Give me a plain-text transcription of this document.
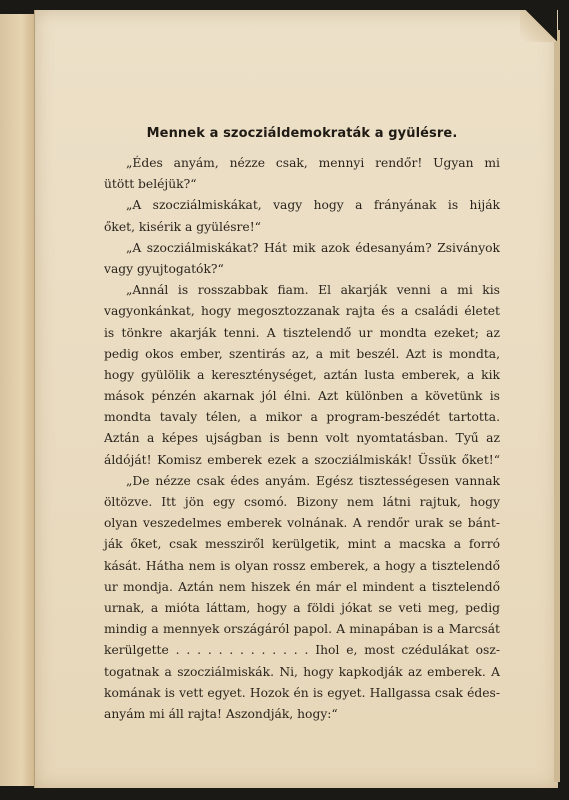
Mennek a szocziáldemokraták a gyülésre.
„Édes anyám, nézze csak, mennyi rendőr! Ugyan mi
ütött beléjük?“
„A szocziálmiskákat, vagy hogy a frányának is hiják
őket, kisérik a gyülésre!“
„A szocziálmiskákat? Hát mik azok édesanyám? Zsiványok
vagy gyujtogatók?“
„Annál is rosszabbak fiam. El akarják venni a mi kis
vagyonkánkat, hogy megosztozzanak rajta és a családi életet
is tönkre akarják tenni. A tisztelendő ur mondta ezeket; az
pedig okos ember, szentirás az, a mit beszél. Azt is mondta,
hogy gyülölik a kereszténységet, aztán lusta emberek, a kik
mások pénzén akarnak jól élni. Azt különben a követünk is
mondta tavaly télen, a mikor a program-beszédét tartotta.
Aztán a képes ujságban is benn volt nyomtatásban. Tyű az
áldóját! Komisz emberek ezek a szocziálmiskák! Üssük őket!“
„De nézze csak édes anyám. Egész tisztességesen vannak
öltözve. Itt jön egy csomó. Bizony nem látni rajtuk, hogy
olyan veszedelmes emberek volnának. A rendőr urak se bánt-
ják őket, csak messziről kerülgetik, mint a macska a forró
kását. Hátha nem is olyan rossz emberek, a hogy a tisztelendő
ur mondja. Aztán nem hiszek én már el mindent a tisztelendő
urnak, a mióta láttam, hogy a földi jókat se veti meg, pedig
mindig a mennyek országáról papol. A minapában is a Marcsát
kerülgette . . . . . . . . . . . . . Ihol e, most czédulákat osz-
togatnak a szocziálmiskák. Ni, hogy kapkodják az emberek. A
komának is vett egyet. Hozok én is egyet. Hallgassa csak édes-
anyám mi áll rajta! Aszondják, hogy:“
